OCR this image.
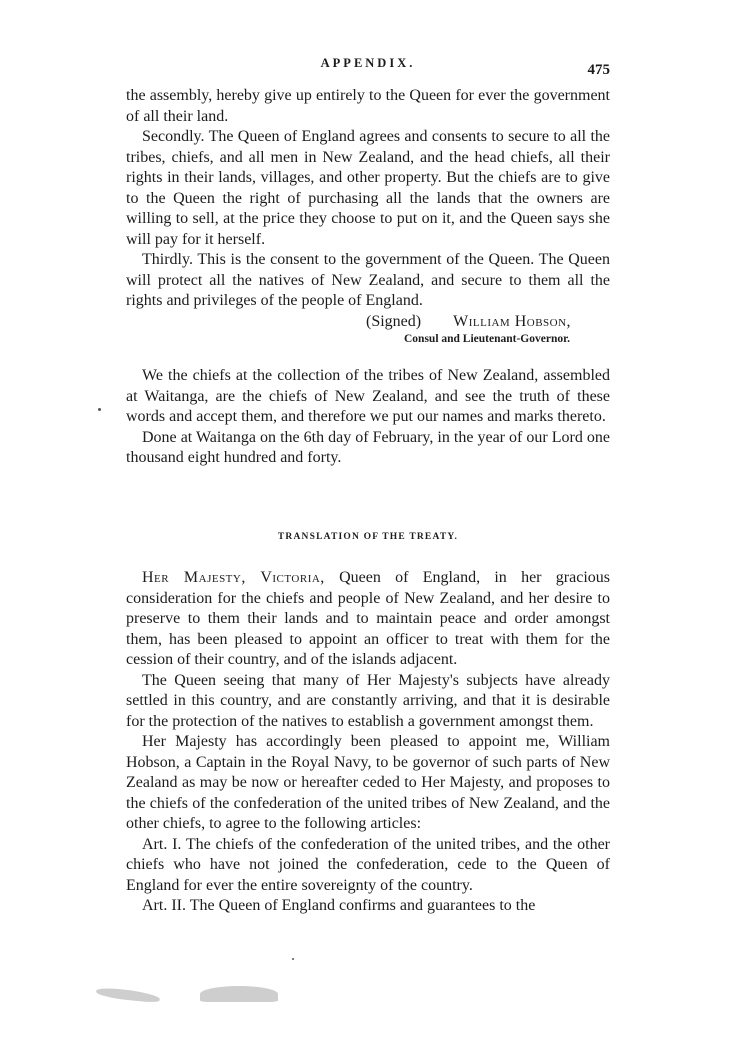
APPENDIX.	475

the assembly, hereby give up entirely to the Queen for ever the government of all their land.

Secondly. The Queen of England agrees and consents to secure to all the tribes, chiefs, and all men in New Zealand, and the head chiefs, all their rights in their lands, villages, and other property. But the chiefs are to give to the Queen the right of purchasing all the lands that the owners are willing to sell, at the price they choose to put on it, and the Queen says she will pay for it herself.

Thirdly. This is the consent to the government of the Queen. The Queen will protect all the natives of New Zealand, and secure to them all the rights and privileges of the people of England.

(Signed) William Hobson,
Consul and Lieutenant-Governor.

We the chiefs at the collection of the tribes of New Zealand, assembled at Waitanga, are the chiefs of New Zealand, and see the truth of these words and accept them, and therefore we put our names and marks thereto.

Done at Waitanga on the 6th day of February, in the year of our Lord one thousand eight hundred and forty.

TRANSLATION OF THE TREATY.

Her Majesty, Victoria, Queen of England, in her gracious consideration for the chiefs and people of New Zealand, and her desire to preserve to them their lands and to maintain peace and order amongst them, has been pleased to appoint an officer to treat with them for the cession of their country, and of the islands adjacent.

The Queen seeing that many of Her Majesty's subjects have already settled in this country, and are constantly arriving, and that it is desirable for the protection of the natives to establish a government amongst them.

Her Majesty has accordingly been pleased to appoint me, William Hobson, a Captain in the Royal Navy, to be governor of such parts of New Zealand as may be now or hereafter ceded to Her Majesty, and proposes to the chiefs of the confederation of the united tribes of New Zealand, and the other chiefs, to agree to the following articles:

Art. I. The chiefs of the confederation of the united tribes, and the other chiefs who have not joined the confederation, cede to the Queen of England for ever the entire sovereignty of the country.

Art. II. The Queen of England confirms and guarantees to the
